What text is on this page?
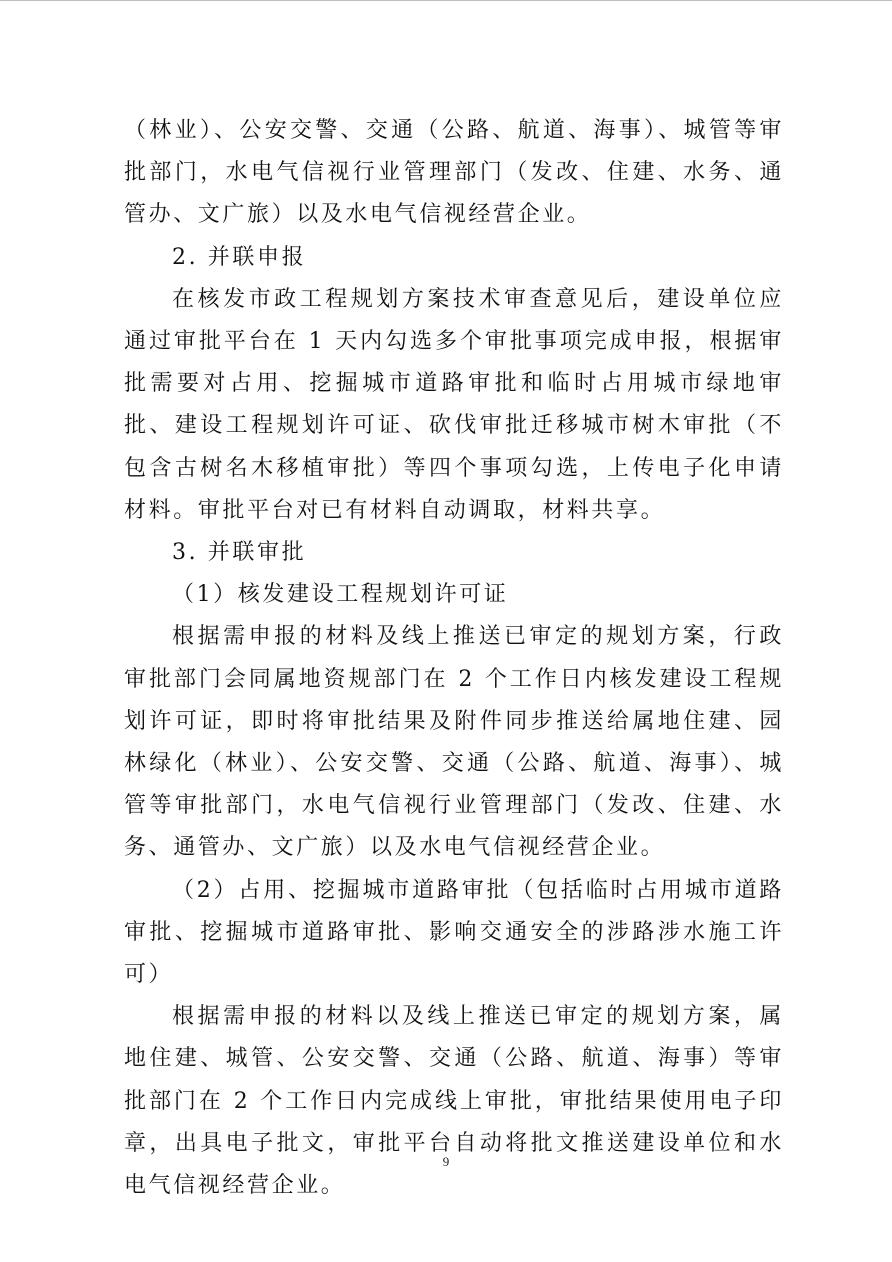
（林业）、公安交警、交通（公路、航道、海事）、城管等审批部门，水电气信视行业管理部门（发改、住建、水务、通管办、文广旅）以及水电气信视经营企业。

2. 并联申报

在核发市政工程规划方案技术审查意见后，建设单位应通过审批平台在 1 天内勾选多个审批事项完成申报，根据审批需要对占用、挖掘城市道路审批和临时占用城市绿地审批、建设工程规划许可证、砍伐审批迁移城市树木审批（不包含古树名木移植审批）等四个事项勾选，上传电子化申请材料。审批平台对已有材料自动调取，材料共享。

3. 并联审批

（1）核发建设工程规划许可证

根据需申报的材料及线上推送已审定的规划方案，行政审批部门会同属地资规部门在 2 个工作日内核发建设工程规划许可证，即时将审批结果及附件同步推送给属地住建、园林绿化（林业）、公安交警、交通（公路、航道、海事）、城管等审批部门，水电气信视行业管理部门（发改、住建、水务、通管办、文广旅）以及水电气信视经营企业。

（2）占用、挖掘城市道路审批（包括临时占用城市道路审批、挖掘城市道路审批、影响交通安全的涉路涉水施工许可）

根据需申报的材料以及线上推送已审定的规划方案，属地住建、城管、公安交警、交通（公路、航道、海事）等审批部门在 2 个工作日内完成线上审批，审批结果使用电子印章，出具电子批文，审批平台自动将批文推送建设单位和水电气信视经营企业。

9
